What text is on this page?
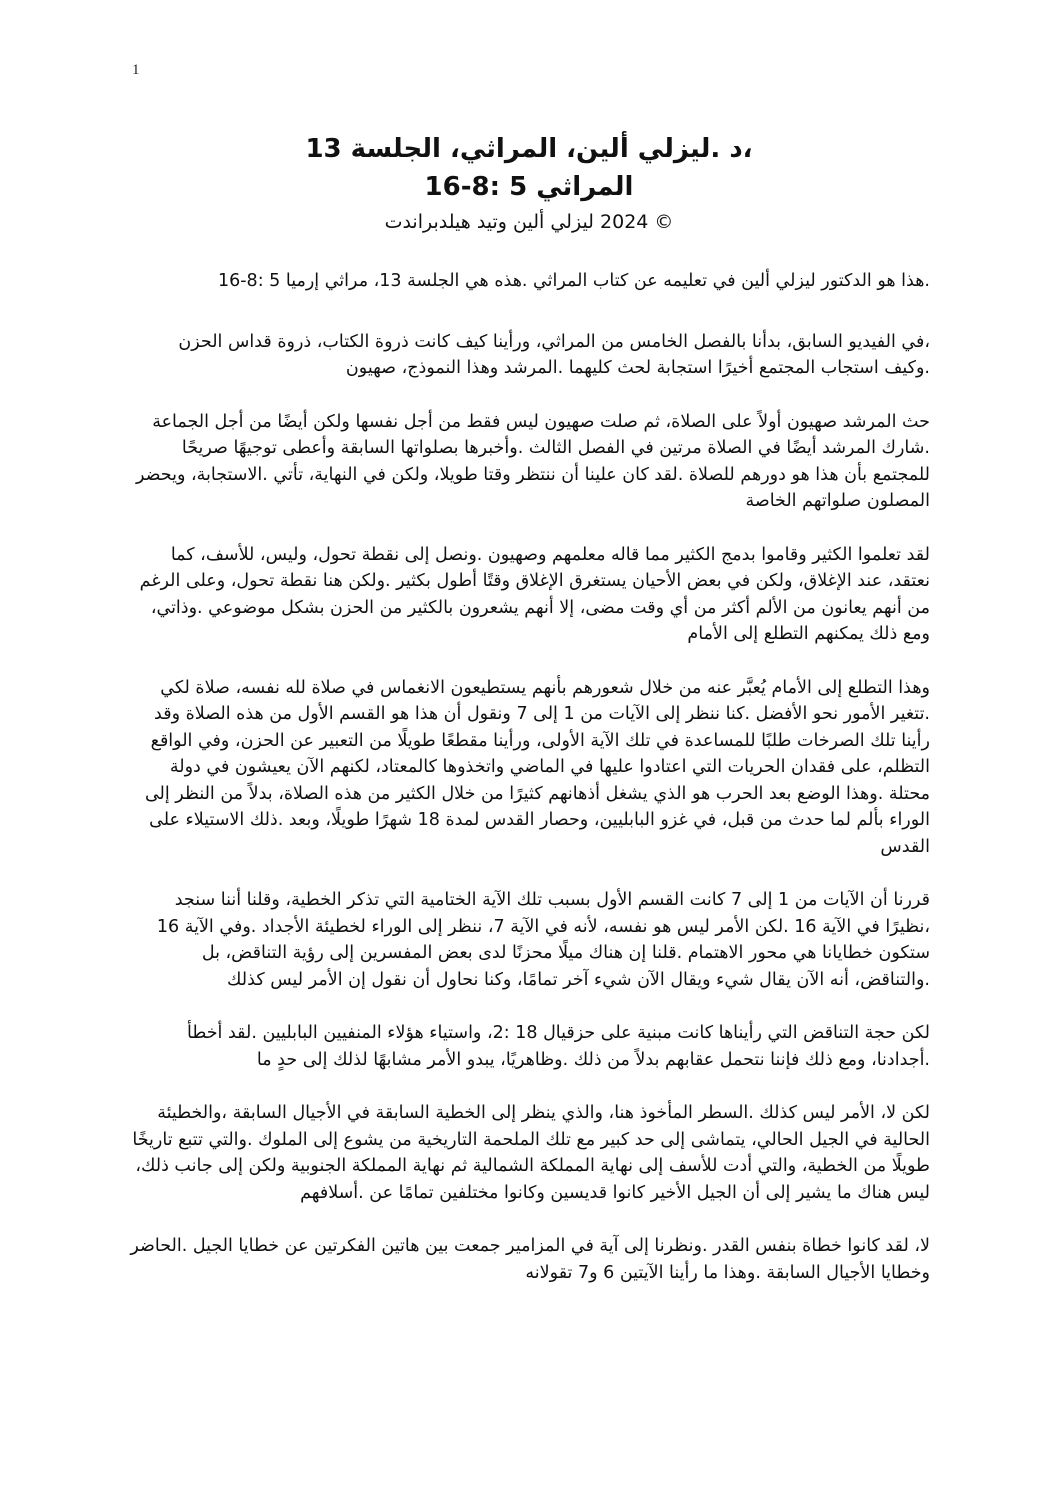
1
،د .ليزلي ألين، المراثي، الجلسة 13
المراثي 5 :8-16

© 2024 ليزلي ألين وتيد هيلدبراندت

.هذا هو الدكتور ليزلي ألين في تعليمه عن كتاب المراثي .هذه هي الجلسة 13، مراثي إرميا 5 :8-16

،في الفيديو السابق، بدأنا بالفصل الخامس من المراثي، ورأينا كيف كانت ذروة الكتاب، ذروة قداس الحزن .وكيف استجاب المجتمع أخيرًا استجابة لحث كليهما .المرشد وهذا النموذج، صهيون

حث المرشد صهيون أولاً على الصلاة، ثم صلت صهيون ليس فقط من أجل نفسها ولكن أيضًا من أجل الجماعة .شارك المرشد أيضًا في الصلاة مرتين في الفصل الثالث .وأخبرها بصلواتها السابقة وأعطى توجيهًا صريحًا للمجتمع بأن هذا هو دورهم للصلاة .لقد كان علينا أن ننتظر وقتا طويلا، ولكن في النهاية، تأتي .الاستجابة، ويحضر المصلون صلواتهم الخاصة

لقد تعلموا الكثير وقاموا بدمج الكثير مما قاله معلمهم وصهيون .ونصل إلى نقطة تحول، وليس، للأسف، كما نعتقد، عند الإغلاق، ولكن في بعض الأحيان يستغرق الإغلاق وقتًا أطول بكثير .ولكن هنا نقطة تحول، وعلى الرغم من أنهم يعانون من الألم أكثر من أي وقت مضى، إلا أنهم يشعرون بالكثير من الحزن بشكل موضوعي .وذاتي، ومع ذلك يمكنهم التطلع إلى الأمام

وهذا التطلع إلى الأمام يُعبَّر عنه من خلال شعورهم بأنهم يستطيعون الانغماس في صلاة لله نفسه، صلاة لكي .تتغير الأمور نحو الأفضل .كنا ننظر إلى الآيات من 1 إلى 7 ونقول أن هذا هو القسم الأول من هذه الصلاة وقد رأينا تلك الصرخات طلبًا للمساعدة في تلك الآية الأولى، ورأينا مقطعًا طويلًا من التعبير عن الحزن، وفي الواقع التظلم، على فقدان الحريات التي اعتادوا عليها في الماضي واتخذوها كالمعتاد، لكنهم الآن يعيشون في دولة محتلة .وهذا الوضع بعد الحرب هو الذي يشغل أذهانهم كثيرًا من خلال الكثير من هذه الصلاة، بدلاً من النظر إلى الوراء بألم لما حدث من قبل، في غزو البابليين، وحصار القدس لمدة 18 شهرًا طويلًا، وبعد .ذلك الاستيلاء على القدس

قررنا أن الآيات من 1 إلى 7 كانت القسم الأول بسبب تلك الآية الختامية التي تذكر الخطية، وقلنا أننا سنجد ،نظيرًا في الآية 16 .لكن الأمر ليس هو نفسه، لأنه في الآية 7، ننظر إلى الوراء لخطيئة الأجداد .وفي الآية 16 ستكون خطايانا هي محور الاهتمام .قلنا إن هناك ميلًا محزنًا لدى بعض المفسرين إلى رؤية التناقض، بل .والتناقض، أنه الآن يقال شيء ويقال الآن شيء آخر تمامًا، وكنا نحاول أن نقول إن الأمر ليس كذلك

لكن حجة التناقض التي رأيناها كانت مبنية على حزقيال 18 :2، واستياء هؤلاء المنفيين البابليين .لقد أخطأ .أجدادنا، ومع ذلك فإننا نتحمل عقابهم بدلاً من ذلك .وظاهريًا، يبدو الأمر مشابهًا لذلك إلى حدٍ ما

لكن لا، الأمر ليس كذلك .السطر المأخوذ هنا، والذي ينظر إلى الخطية السابقة في الأجيال السابقة ،والخطيئة الحالية في الجيل الحالي، يتماشى إلى حد كبير مع تلك الملحمة التاريخية من يشوع إلى الملوك .والتي تتبع تاريخًا طويلًا من الخطية، والتي أدت للأسف إلى نهاية المملكة الشمالية ثم نهاية المملكة الجنوبية ولكن إلى جانب ذلك، ليس هناك ما يشير إلى أن الجيل الأخير كانوا قديسين وكانوا مختلفين تمامًا عن .أسلافهم

لا، لقد كانوا خطاة بنفس القدر .ونظرنا إلى آية في المزامير جمعت بين هاتين الفكرتين عن خطايا الجيل .الحاضر وخطايا الأجيال السابقة .وهذا ما رأينا الآيتين 6 و7 تقولانه
